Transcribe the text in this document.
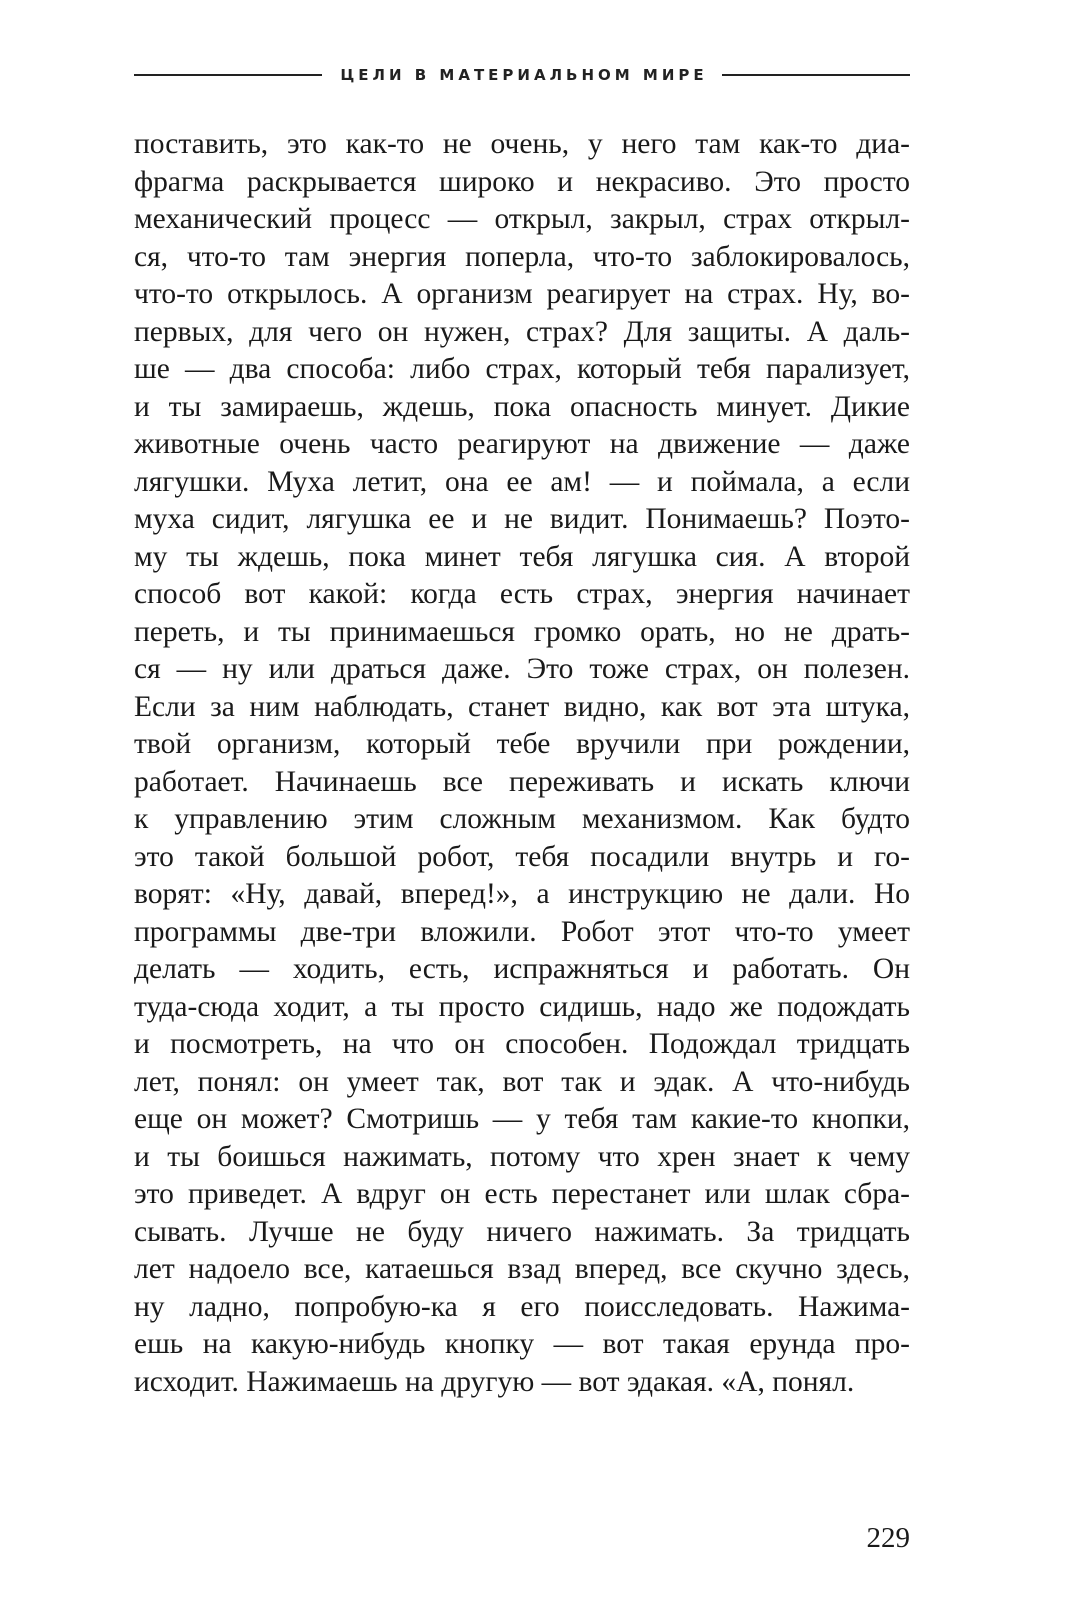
ЦЕЛИ В МАТЕРИАЛЬНОМ МИРЕ
поставить, это как-то не очень, у него там как-то диа-
фрагма раскрывается широко и некрасиво. Это просто
механический процесс — открыл, закрыл, страх открыл-
ся, что-то там энергия поперла, что-то заблокировалось,
что-то открылось. А организм реагирует на страх. Ну, во-
первых, для чего он нужен, страх? Для защиты. А даль-
ше — два способа: либо страх, который тебя парализует,
и ты замираешь, ждешь, пока опасность минует. Дикие
животные очень часто реагируют на движение — даже
лягушки. Муха летит, она ее ам! — и поймала, а если
муха сидит, лягушка ее и не видит. Понимаешь? Поэто-
му ты ждешь, пока минет тебя лягушка сия. А второй
способ вот какой: когда есть страх, энергия начинает
переть, и ты принимаешься громко орать, но не драть-
ся — ну или драться даже. Это тоже страх, он полезен.
Если за ним наблюдать, станет видно, как вот эта штука,
твой организм, который тебе вручили при рождении,
работает. Начинаешь все переживать и искать ключи
к управлению этим сложным механизмом. Как будто
это такой большой робот, тебя посадили внутрь и го-
ворят: «Ну, давай, вперед!», а инструкцию не дали. Но
программы две-три вложили. Робот этот что-то умеет
делать — ходить, есть, испражняться и работать. Он
туда-сюда ходит, а ты просто сидишь, надо же подождать
и посмотреть, на что он способен. Подождал тридцать
лет, понял: он умеет так, вот так и эдак. А что-нибудь
еще он может? Смотришь — у тебя там какие-то кнопки,
и ты боишься нажимать, потому что хрен знает к чему
это приведет. А вдруг он есть перестанет или шлак сбра-
сывать. Лучше не буду ничего нажимать. За тридцать
лет надоело все, катаешься взад вперед, все скучно здесь,
ну ладно, попробую-ка я его поисследовать. Нажима-
ешь на какую-нибудь кнопку — вот такая ерунда про-
исходит. Нажимаешь на другую — вот эдакая. «А, понял.
229
